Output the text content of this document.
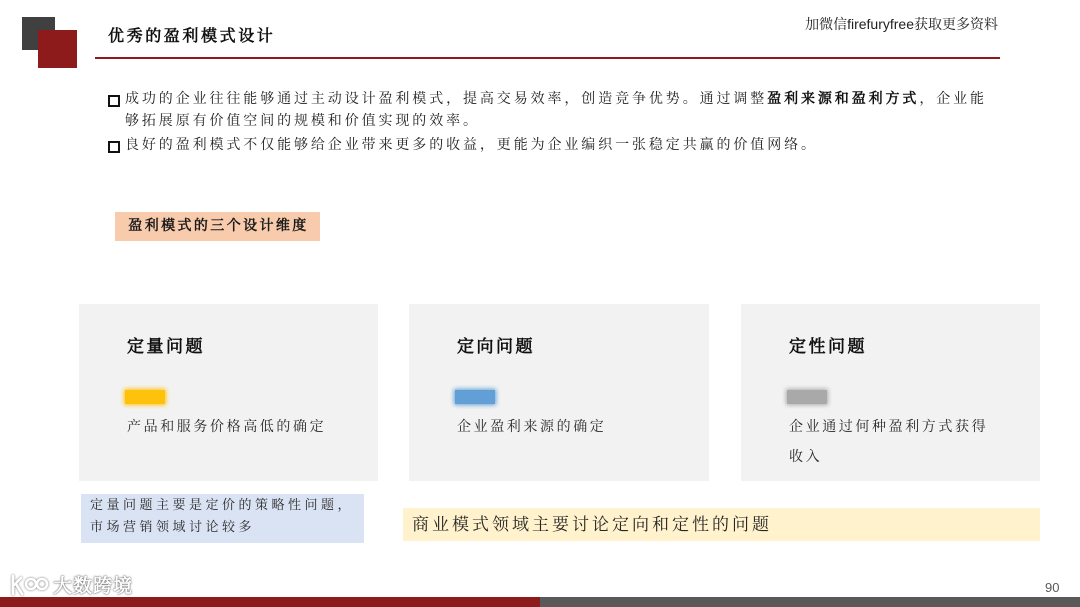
优秀的盈利模式设计
加微信firefuryfree获取更多资料
成功的企业往往能够通过主动设计盈利模式，提高交易效率，创造竞争优势。通过调整盈利来源和盈利方式，企业能够拓展原有价值空间的规模和价值实现的效率。
良好的盈利模式不仅能够给企业带来更多的收益，更能为企业编织一张稳定共赢的价值网络。
盈利模式的三个设计维度
定量问题
产品和服务价格高低的确定
定向问题
企业盈利来源的确定
定性问题
企业通过何种盈利方式获得收入
定量问题主要是定价的策略性问题，市场营销领域讨论较多	商业模式领域主要讨论定向和定性的问题
90
大数跨境
